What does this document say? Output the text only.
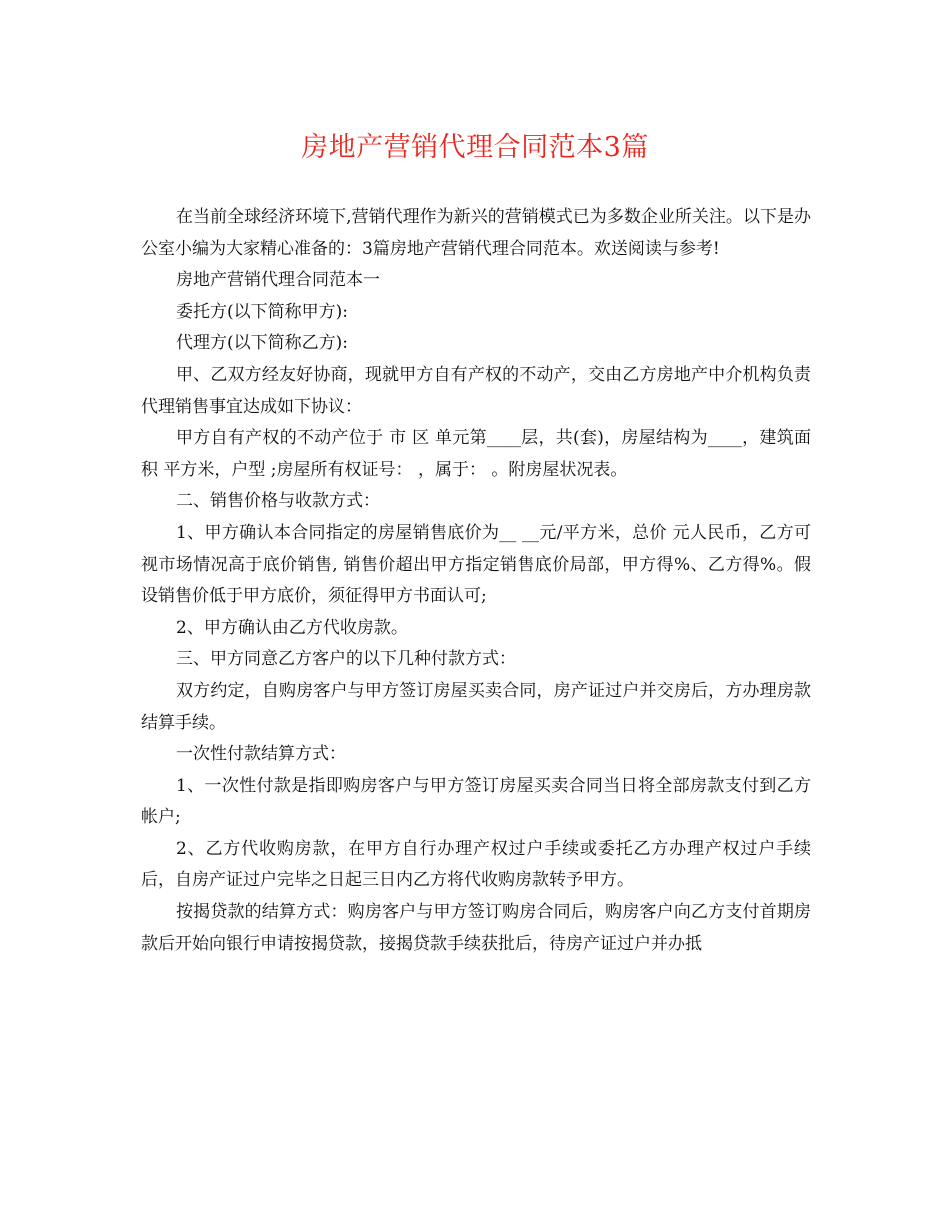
房地产营销代理合同范本3篇

在当前全球经济环境下,营销代理作为新兴的营销模式已为多数企业所关注。以下是办公室小编为大家精心准备的：3篇房地产营销代理合同范本。欢送阅读与参考!

房地产营销代理合同范本一

委托方(以下简称甲方):

代理方(以下简称乙方):

甲、乙双方经友好协商，现就甲方自有产权的不动产，交由乙方房地产中介机构负责代理销售事宜达成如下协议：

甲方自有产权的不动产位于 市 区 单元第____层，共(套)，房屋结构为____，建筑面积 平方米，户型 ;房屋所有权证号： ，属于： 。附房屋状况表。

二、销售价格与收款方式：

1、甲方确认本合同指定的房屋销售底价为__ __元/平方米，总价 元人民币，乙方可视市场情况高于底价销售, 销售价超出甲方指定销售底价局部，甲方得%、乙方得%。假设销售价低于甲方底价，须征得甲方书面认可;

2、甲方确认由乙方代收房款。

三、甲方同意乙方客户的以下几种付款方式：

双方约定，自购房客户与甲方签订房屋买卖合同，房产证过户并交房后，方办理房款结算手续。

一次性付款结算方式：

1、一次性付款是指即购房客户与甲方签订房屋买卖合同当日将全部房款支付到乙方帐户;

2、乙方代收购房款，在甲方自行办理产权过户手续或委托乙方办理产权过户手续后，自房产证过户完毕之日起三日内乙方将代收购房款转予甲方。

按揭贷款的结算方式：购房客户与甲方签订购房合同后，购房客户向乙方支付首期房款后开始向银行申请按揭贷款，接揭贷款手续获批后，待房产证过户并办抵
